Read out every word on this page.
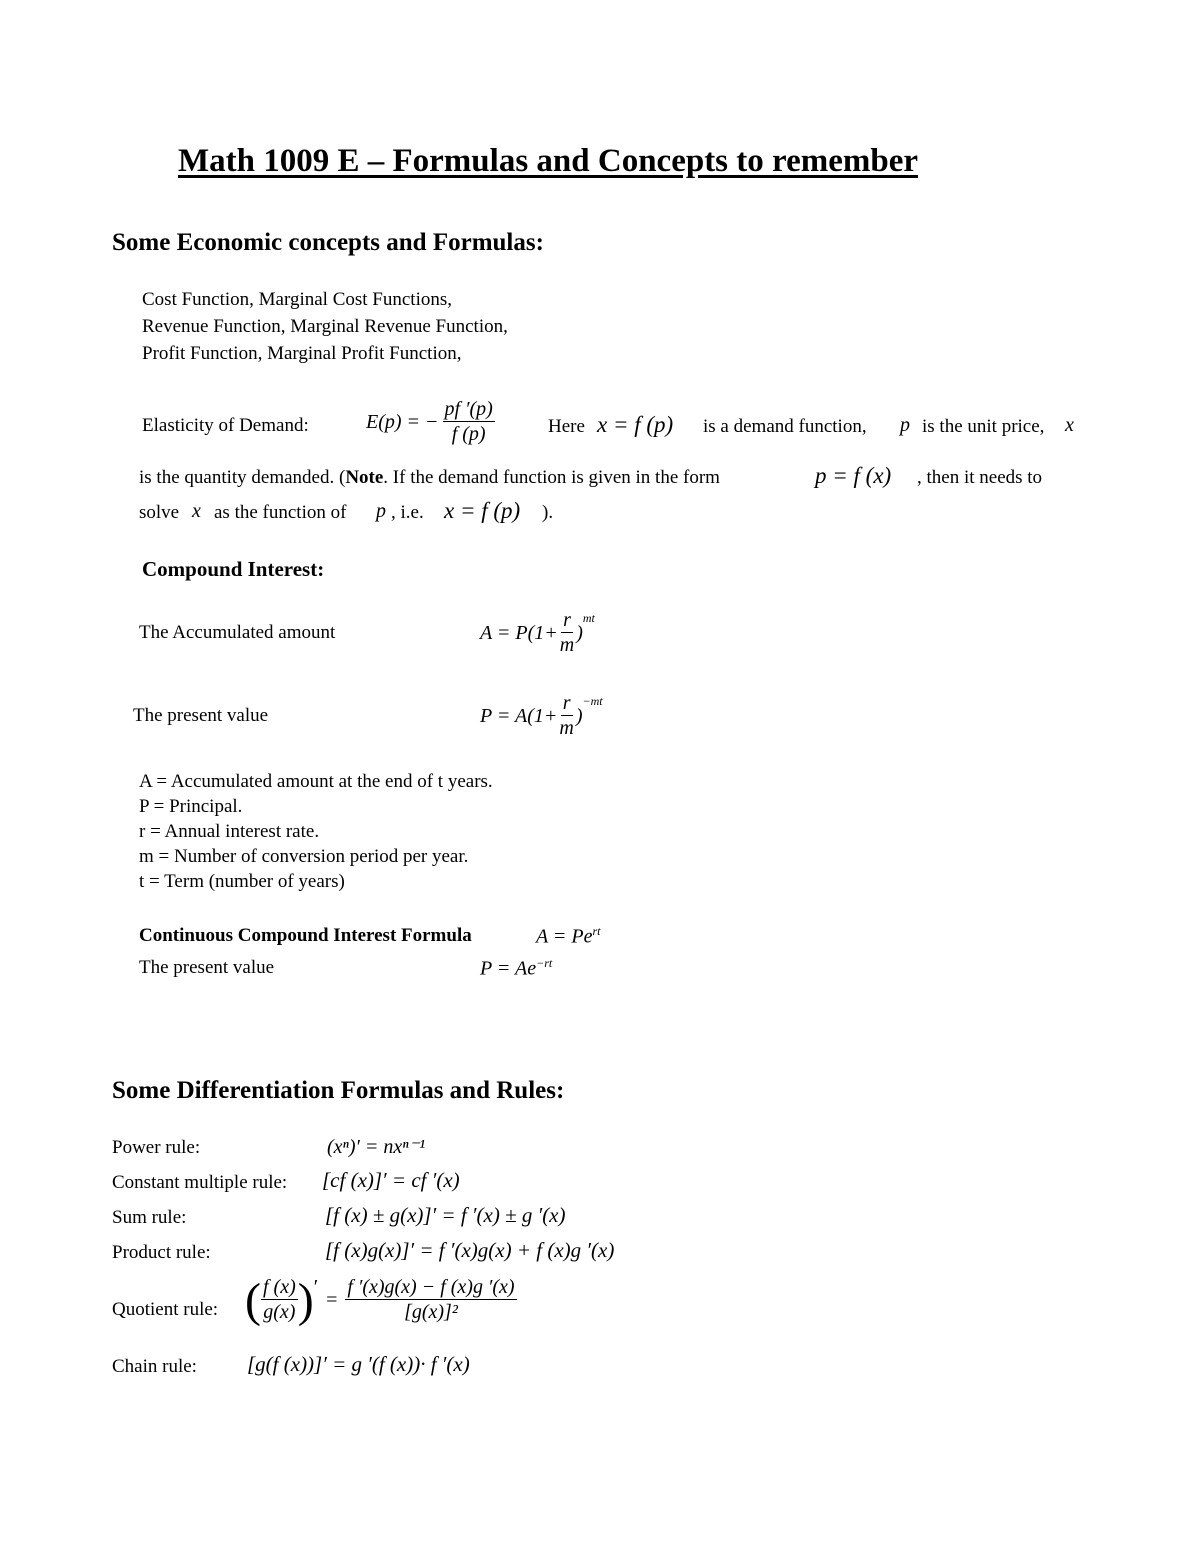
Math 1009 E – Formulas and Concepts to remember
Some Economic concepts and Formulas:
Cost Function, Marginal Cost Functions,
Revenue Function, Marginal Revenue Function,
Profit Function, Marginal Profit Function,
Elasticity of Demand:	E(p) = − $\frac{pf '(p)}{f (p)}$	Here x = f (p) is a demand function, p is the unit price, x
is the quantity demanded. (Note. If the demand function is given in the form	p = f (x) , then it needs to
solve x as the function of p , i.e. x = f (p) ).
Compound Interest:
The Accumulated amount	$A = P(1+ \frac{r}{m}$ )
$^{mt}$
The present value	$P = A(1+ \frac{r}{m}$ )
$^{-mt}$
A = Accumulated amount at the end of t years.
P = Principal.
r = Annual interest rate.
m = Number of conversion period per year.
t = Term (number of years)
Continuous Compound Interest Formula	$A = Pe^{rt}$
The present value	$P = Ae^{-rt}$
Some Differentiation Formulas and Rules:
Power rule:	(xⁿ)′ = nxⁿ⁻¹
Constant multiple rule: [cf (x)]′ = cf ′(x)
Sum rule:	[f (x) ± g(x)]′ = f ′(x) ± g ′(x)
Product rule:	[f (x)g(x)]′ = f ′(x)g(x) + f (x)g ′(x)
Quotient rule: ( $\frac{f (x)}{g(x)}$ ) ′
= $\frac{f '(x)g(x) - f (x)g '(x)}{\text{[g(x)]²}}$
Chain rule: [g(f (x))]′ = g ′(f (x))· f ′(x)
